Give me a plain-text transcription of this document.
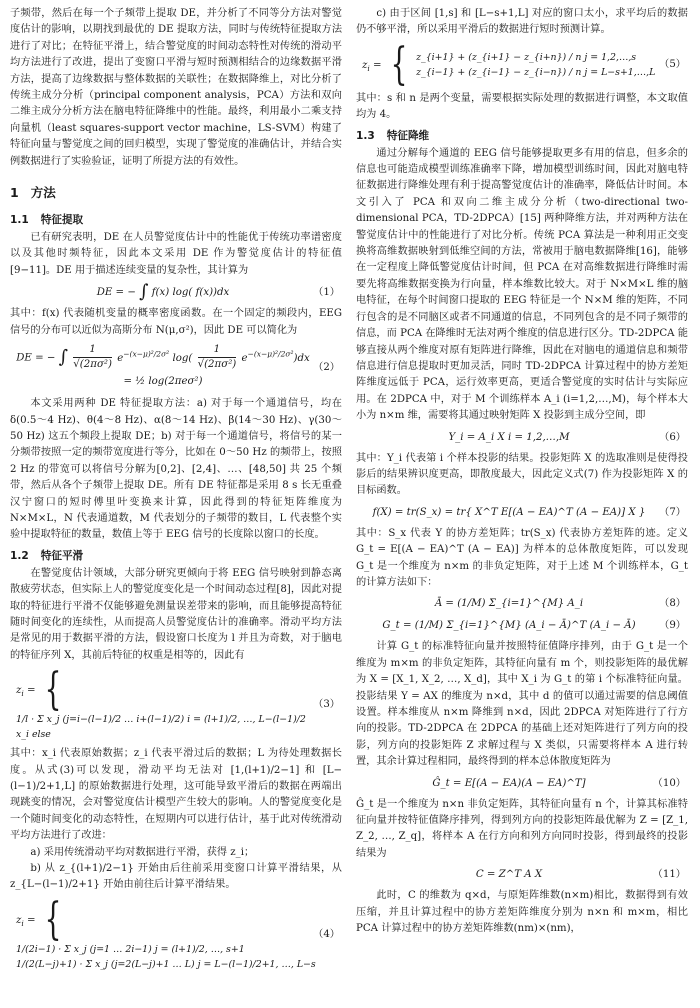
子频带，然后在每一个子频带上提取 DE，并分析了不同等分方法对警觉度估计的影响，以期找到最优的 DE 提取方法，同时与传统特征提取方法进行了对比；在特征平滑上，结合警觉度的时间动态特性对传统的滑动平均方法进行了改进，提出了变窗口平滑与短时预测相结合的边缘数据平滑方法，提高了边缘数据与整体数据的关联性；在数据降维上，对比分析了传统主成分分析（principal component analysis，PCA）方法和双向二维主成分分析方法在脑电特征降维中的性能。最终，利用最小二乘支持向量机（least squares-support vector machine，LS-SVM）构建了特征向量与警觉度之间的回归模型，实现了警觉度的准确估计，并结合实例数据进行了实验验证，证明了所提方法的有效性。

1 方法
1.1 特征提取

已有研究表明，DE 在人员警觉度估计中的性能优于传统功率谱密度以及其他时频特征，因此本文采用 DE 作为警觉度估计的特征值[9−11]。DE 用于描述连续变量的复杂性，其计算为

DE = − ∫ f(x) log( f(x))dx	（1）

其中：f(x) 代表随机变量的概率密度函数。在一个固定的频段内，EEG 信号的分布可以近似为高斯分布 N(μ,σ²)，因此 DE 可以简化为

DE = − ∫ $\frac{1}{\text{√(2πσ²)}} e^{-(x-\mu)^2/2\sigma^2}$ $\log( \frac{1}{\text{√(2πσ²)}} e^{-(x-\mu)^2/2\sigma^2})dx$
= ½ log(2πeσ²)
（2）

本文采用两种 DE 特征提取方法：a) 对于每一个通道信号，均在 δ(0.5～4 Hz)、θ(4～8 Hz)、α(8～14 Hz)、β(14～30 Hz)、γ(30～50 Hz) 这五个频段上提取 DE；b) 对于每一个通道信号，将信号的某一分频带按照一定的频带宽度进行等分，比如在 0～50 Hz 的频带上，按照 2 Hz 的带宽可以将信号分解为[0,2]、[2,4]、…、[48,50] 共 25 个频带，然后从各个子频带上提取 DE。所有 DE 特征都是采用 8 s 长无重叠汉宁窗口的短时傅里叶变换来计算，因此得到的特征矩阵维度为 N×M×L，N 代表通道数，M 代表划分的子频带的数目，L 代表整个实验中提取特征的数量，数值上等于 EEG 信号的长度除以窗口的长度。

1.2 特征平滑

在警觉度估计领域，大部分研究更倾向于将 EEG 信号映射到静态离散疲劳状态，但实际上人的警觉度变化是一个时间动态过程[8]，因此对提取的特征进行平滑不仅能够避免测量误差带来的影响，而且能够提高特征随时间变化的连续性，从而提高人员警觉度估计的准确率。滑动平均方法是常见的用于数据平滑的方法，假设窗口长度为 l 并且为奇数，对于脑电的特征序列 X，其前后特征的权重是相等的，因此有

$z_i$ = { 1/l · Σ x_j (j=i−(l−1)/2 … i+(l−1)/2) i = (l+1)/2, …, L−(l−1)/2
x_i else
（3）

其中：x_i 代表原始数据；z_i 代表平滑过后的数据；L 为待处理数据长度。从式(3)可以发现，滑动平均无法对 [1,(l+1)/2−1] 和 [L−(l−1)/2+1,L] 的原始数据进行处理，这可能导致平滑后的数据在两端出现跳变的情况，会对警觉度估计模型产生较大的影响。人的警觉度变化是一个随时间变化的动态特性，在短期内可以进行估计，基于此对传统滑动平均方法进行了改进：

a) 采用传统滑动平均对数据进行平滑，获得 z_i；

b) 从 z_{(l+1)/2−1} 开始由后往前采用变窗口计算平滑结果，从 z_{L−(l−1)/2+1} 开始由前往后计算平滑结果。

$z_i$ = { 1/(2i−1) · Σ x_j (j=1 … 2i−1) j = (l+1)/2, …, s+1
1/(2(L−j)+1) · Σ x_j (j=2(L−j)+1 … L) j = L−(l−1)/2+1, …, L−s
（4）

c) 由于区间 [1,s] 和 [L−s+1,L] 对应的窗口太小，求平均后的数据仍不够平滑，所以采用平滑后的数据进行短时预测计算。

$z_i$ = { z_{i+1} + (z_{i+1} − z_{i+n}) / n j = 1,2,…,s
z_{i−1} + (z_{i−1} − z_{i−n}) / n j = L−s+1,…,L
（5）

其中：s 和 n 是两个变量，需要根据实际处理的数据进行调整，本文取值均为 4。

1.3 特征降维

通过分解每个通道的 EEG 信号能够提取更多有用的信息，但多余的信息也可能造成模型训练准确率下降，增加模型训练时间，因此对脑电特征数据进行降维处理有利于提高警觉度估计的准确率，降低估计时间。本文引入了 PCA 和双向二维主成分分析（two-directional two-dimensional PCA，TD-2DPCA）[15] 两种降维方法，并对两种方法在警觉度估计中的性能进行了对比分析。传统 PCA 算法是一种利用正交变换将高维数据映射到低维空间的方法，常被用于脑电数据降维[16]，能够在一定程度上降低警觉度估计时间，但 PCA 在对高维数据进行降维时需要先将高维数据变换为行向量，样本维数比较大。对于 N×M×L 维的脑电特征，在每个时间窗口提取的 EEG 特征是一个 N×M 维的矩阵，不同行包含的是不同脑区或者不同通道的信息，不同列包含的是不同子频带的信息，而 PCA 在降维时无法对两个维度的信息进行区分。TD-2DPCA 能够直接从两个维度对原有矩阵进行降维，因此在对脑电的通道信息和频带信息进行信息提取时更加灵活，同时 TD-2DPCA 计算过程中的协方差矩阵维度远低于 PCA，运行效率更高，更适合警觉度的实时估计与实际应用。在 2DPCA 中，对于 M 个训练样本 A_i (i=1,2,…,M)，每个样本大小为 n×m 维，需要将其通过映射矩阵 X 投影到主成分空间，即

Y_i = A_i X i = 1,2,…,M	（6）

其中：Y_i 代表第 i 个样本投影的结果。投影矩阵 X 的选取准则是使得投影后的结果辨识度更高，即散度最大，因此定义式(7) 作为投影矩阵 X 的目标函数。

f(X) = tr(S_x) = tr{ X^T E[(A − EA)^T (A − EA)] X } （7）

其中：S_x 代表 Y 的协方差矩阵；tr(S_x) 代表协方差矩阵的迹。定义 G_t = E[(A − EA)^T (A − EA)] 为样本的总体散度矩阵，可以发现 G_t 是一个维度为 n×m 的非负定矩阵，对于上述 M 个训练样本，G_t 的计算方法如下：

Ā = (1/M) Σ_{i=1}^{M} A_i	（8）
G_t = (1/M) Σ_{i=1}^{M} (A_i − Ā)^T (A_i − Ā) （9）

计算 G_t 的标准特征向量并按照特征值降序排列，由于 G_t 是一个维度为 m×m 的非负定矩阵，其特征向量有 m 个，则投影矩阵的最优解为 X = [X_1, X_2, …, X_d]，其中 X_i 为 G_t 的第 i 个标准特征向量。投影结果 Y = AX 的维度为 n×d，其中 d 的值可以通过需要的信息阈值设置。样本维度从 n×m 降维到 n×d，因此 2DPCA 对矩阵进行了行方向的投影。TD-2DPCA 在 2DPCA 的基础上还对矩阵进行了列方向的投影，列方向的投影矩阵 Z 求解过程与 X 类似，只需要将样本 A 进行转置，其余计算过程相同，最终得到的样本总体散度矩阵为

Ĝ_t = E[(A − EA)(A − EA)^T]	（10）

Ĝ_t 是一个维度为 n×n 非负定矩阵，其特征向量有 n 个，计算其标准特征向量并按特征值降序排列，得到列方向的投影矩阵最优解为 Z = [Z_1, Z_2, …, Z_q]，将样本 A 在行方向和列方向同时投影，得到最终的投影结果为

C = Z^T A X	（11）

此时，C 的维数为 q×d，与原矩阵维数(n×m)相比，数据得到有效压缩，并且计算过程中的协方差矩阵维度分别为 n×n 和 m×m，相比 PCA 计算过程中的协方差矩阵维数(nm)×(nm)，
